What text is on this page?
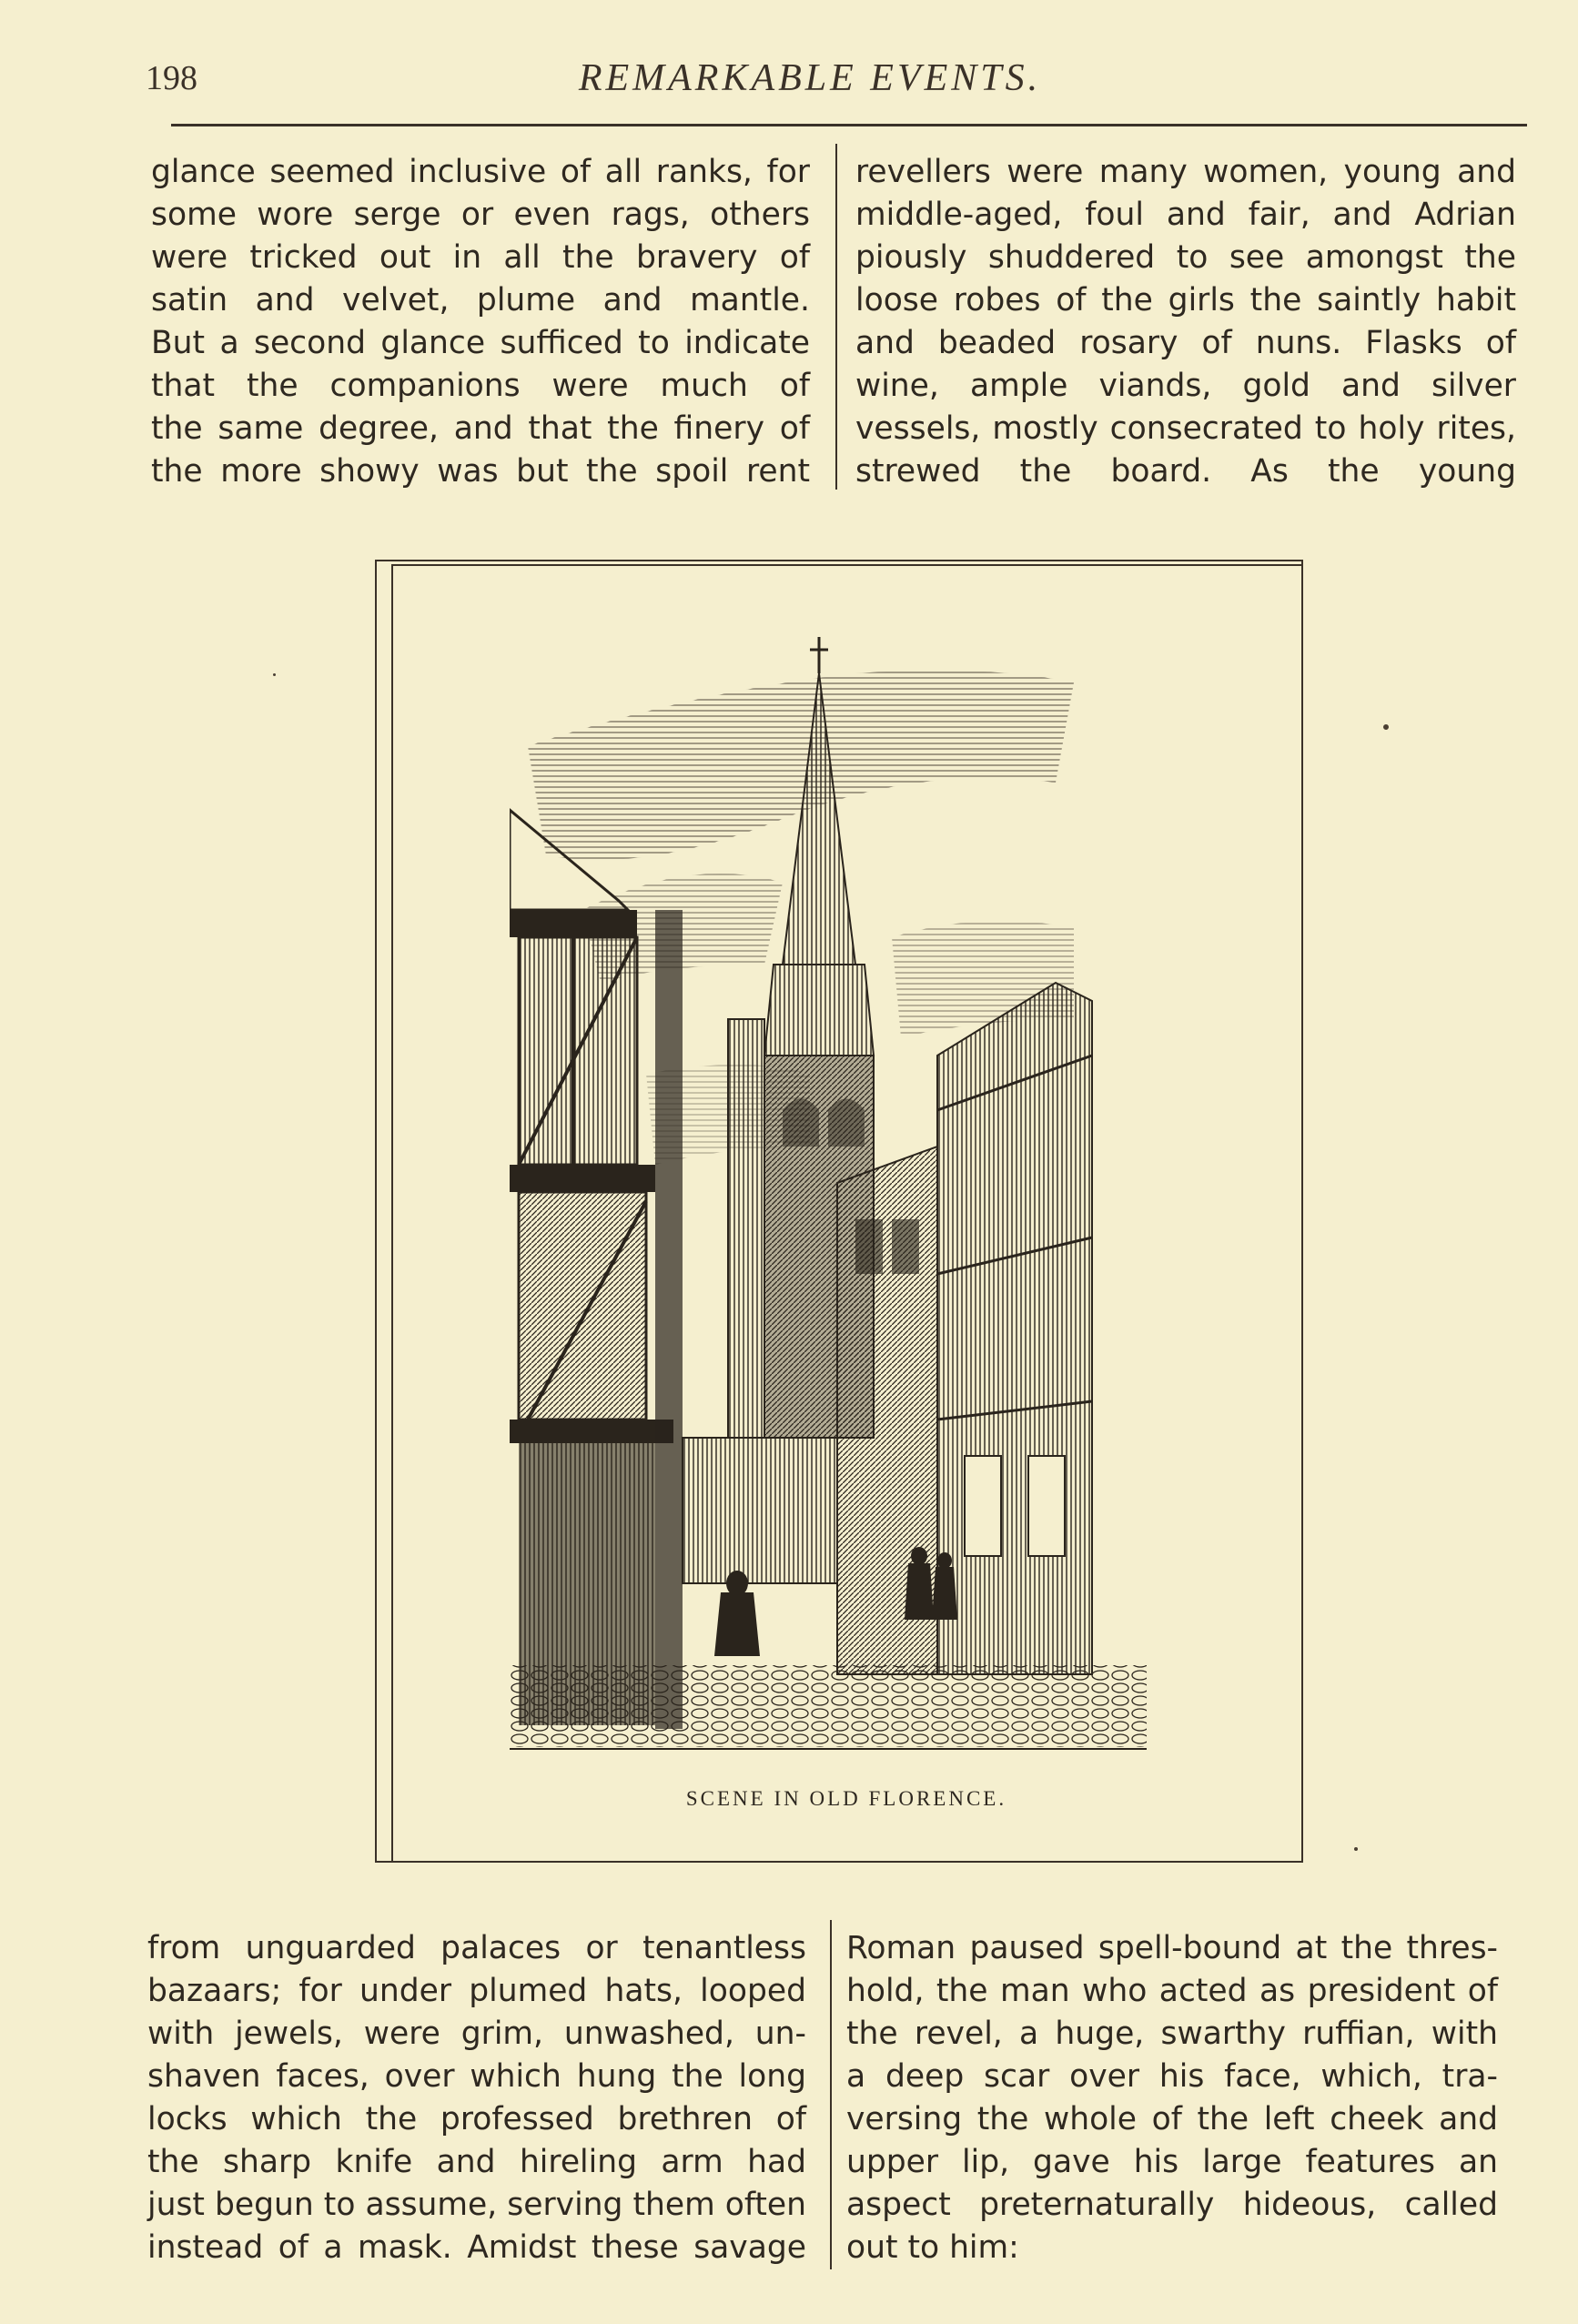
198	REMARKABLE EVENTS.
glance seemed inclusive of all ranks, for
some wore serge or even rags, others
were tricked out in all the bravery of
satin and velvet, plume and mantle.
But a second glance sufficed to indicate
that the companions were much of
the same degree, and that the finery of
the more showy was but the spoil rent
revellers were many women, young and
middle-aged, foul and fair, and Adrian
piously shuddered to see amongst the
loose robes of the girls the saintly habit
and beaded rosary of nuns. Flasks of
wine, ample viands, gold and silver
vessels, mostly consecrated to holy rites,
strewed the board. As the young
SCENE IN OLD FLORENCE.
from unguarded palaces or tenantless
bazaars; for under plumed hats, looped
with jewels, were grim, unwashed, un-
shaven faces, over which hung the long
locks which the professed brethren of
the sharp knife and hireling arm had
just begun to assume, serving them often
instead of a mask. Amidst these savage
Roman paused spell-bound at the thres-
hold, the man who acted as president of
the revel, a huge, swarthy ruffian, with
a deep scar over his face, which, tra-
versing the whole of the left cheek and
upper lip, gave his large features an
aspect preternaturally hideous, called
out to him:
